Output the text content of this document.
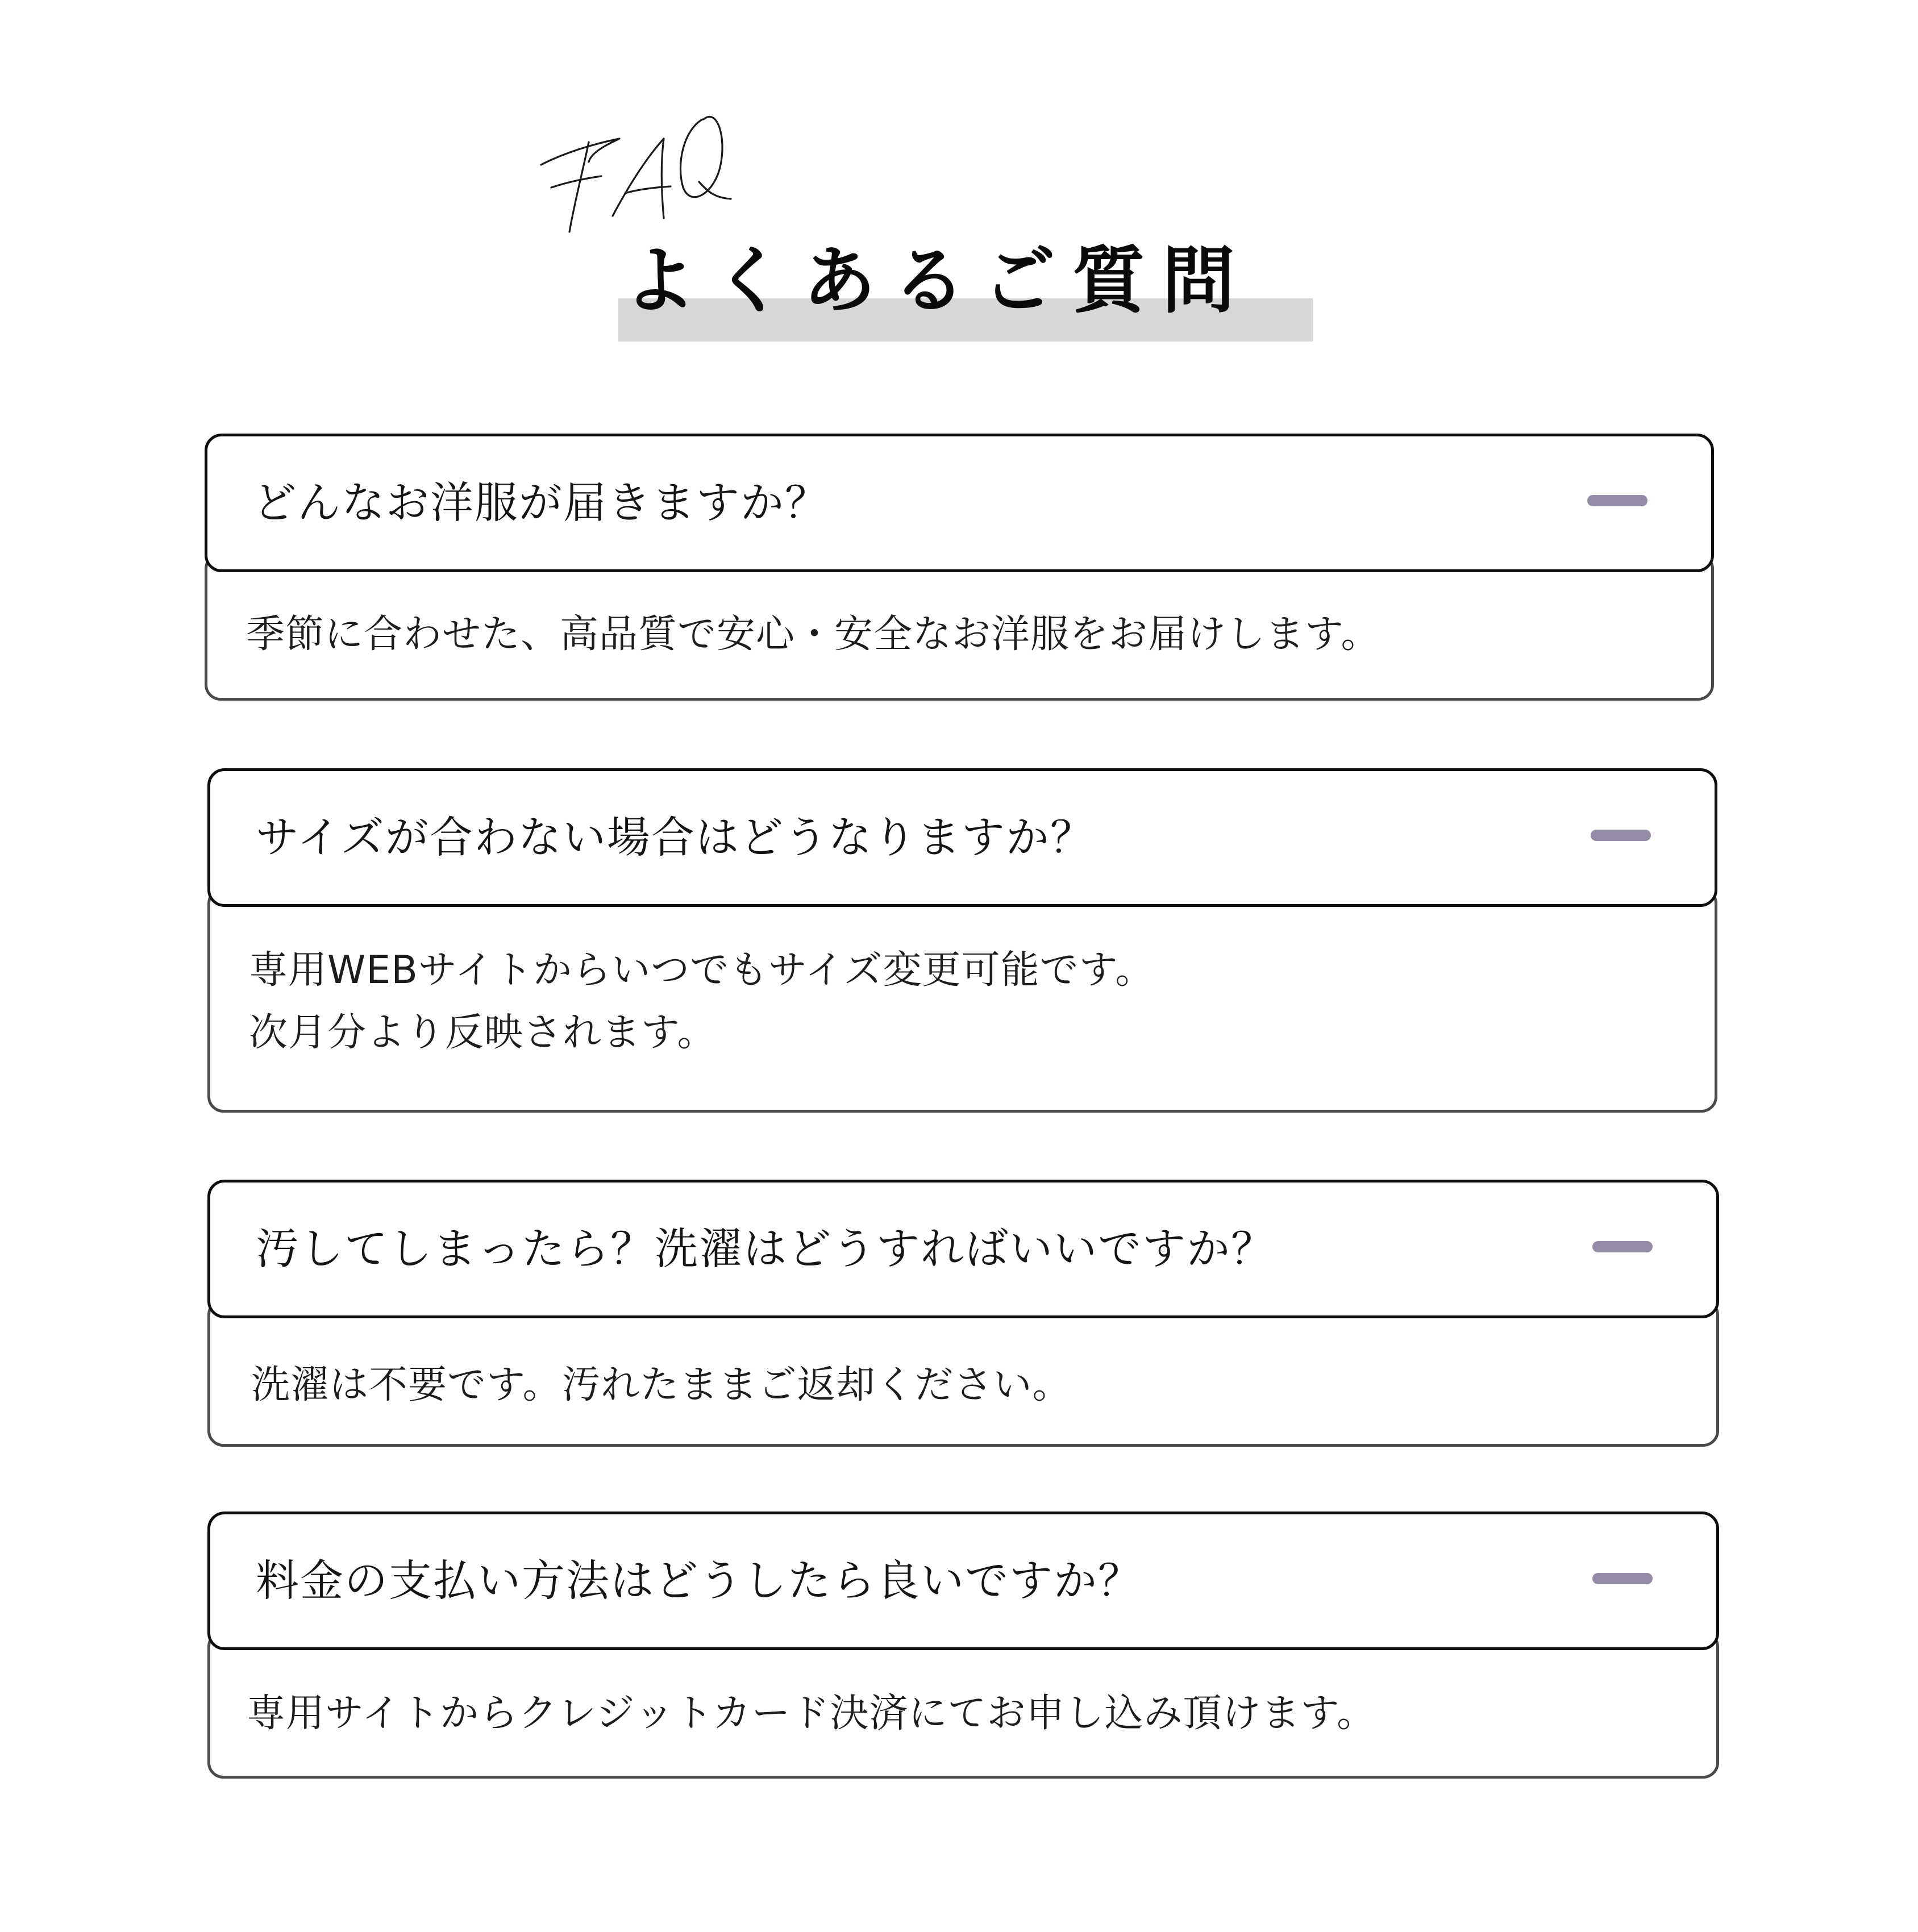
よくあるご質問
季節に合わせた、高品質で安心・安全なお洋服をお届けします。
どんなお洋服が届きますか？
専用WEBサイトからいつでもサイズ変更可能です。
次月分より反映されます。
サイズが合わない場合はどうなりますか？
洗濯は不要です。汚れたままご返却ください。
汚してしまったら？洗濯はどうすればいいですか？
専用サイトからクレジットカード決済にてお申し込み頂けます。
料金の支払い方法はどうしたら良いですか？
